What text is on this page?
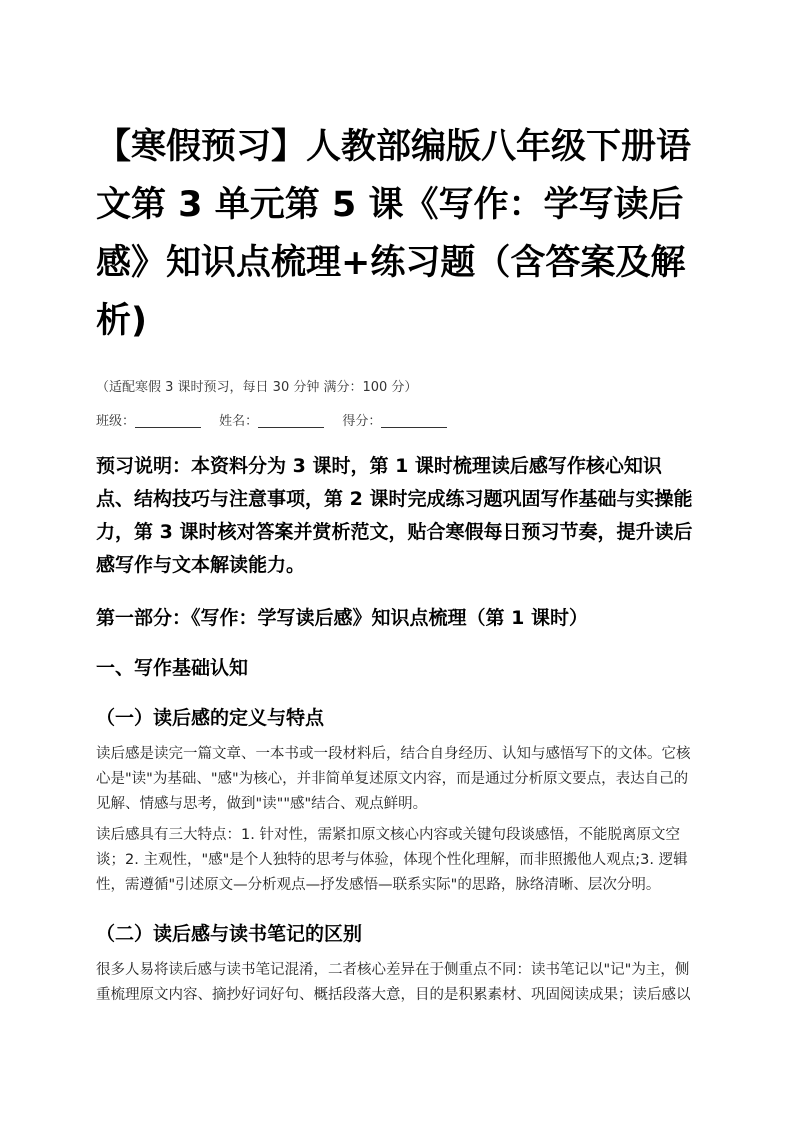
【寒假预习】人教部编版八年级下册语文第 3 单元第 5 课《写作：学写读后感》知识点梳理+练习题（含答案及解析)
（适配寒假 3 课时预习，每日 30 分钟 满分：100 分）
班级：	姓名：	得分：
预习说明：本资料分为 3 课时，第 1 课时梳理读后感写作核心知识点、结构技巧与注意事项，第 2 课时完成练习题巩固写作基础与实操能力，第 3 课时核对答案并赏析范文，贴合寒假每日预习节奏，提升读后感写作与文本解读能力。
第一部分：《写作：学写读后感》知识点梳理（第 1 课时）
一、写作基础认知
（一）读后感的定义与特点
读后感是读完一篇文章、一本书或一段材料后，结合自身经历、认知与感悟写下的文体。它核心是"读"为基础、"感"为核心，并非简单复述原文内容，而是通过分析原文要点，表达自己的见解、情感与思考，做到"读""感"结合、观点鲜明。
读后感具有三大特点：1. 针对性，需紧扣原文核心内容或关键句段谈感悟，不能脱离原文空谈；2. 主观性，"感"是个人独特的思考与体验，体现个性化理解，而非照搬他人观点;3. 逻辑性，需遵循"引述原文—分析观点—抒发感悟—联系实际"的思路，脉络清晰、层次分明。
（二）读后感与读书笔记的区别
很多人易将读后感与读书笔记混淆，二者核心差异在于侧重点不同：读书笔记以"记"为主，侧重梳理原文内容、摘抄好词好句、概括段落大意，目的是积累素材、巩固阅读成果；读后感以
